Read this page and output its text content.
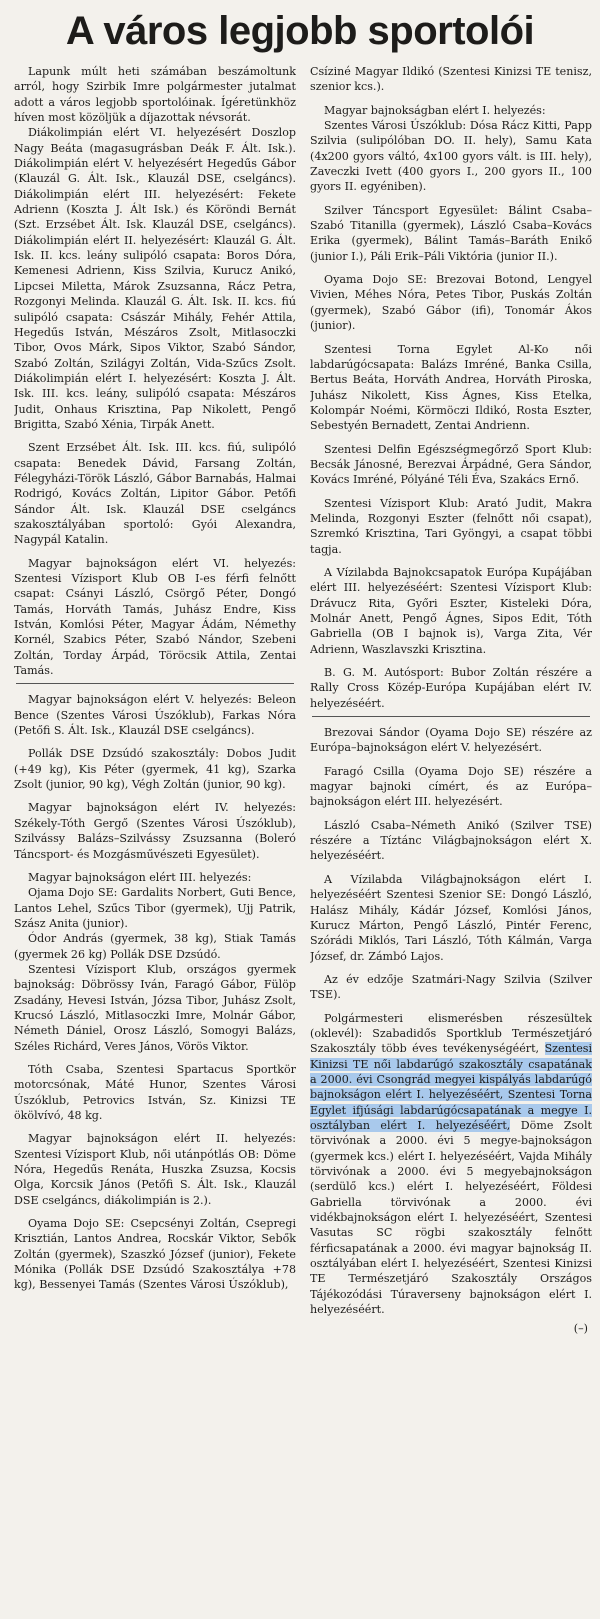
A város legjobb sportolói

Lapunk múlt heti számában beszámoltunk arról, hogy Szirbik Imre polgármester jutalmat adott a város legjobb sportolóinak. Ígéretünkhöz híven most közöljük a díjazottak névsorát.

Diákolimpián elért VI. helyezésért Doszlop Nagy Beáta (magasugrásban Deák F. Ált. Isk.). Diákolimpián elért V. helyezésért Hegedűs Gábor (Klauzál G. Ált. Isk., Klauzál DSE, cselgáncs). Diákolimpián elért III. helyezésért: Fekete Adrienn (Koszta J. Ált Isk.) és Köröndi Bernát (Szt. Erzsébet Ált. Isk. Klauzál DSE, cselgáncs). Diákolimpián elért II. helyezésért: Klauzál G. Ált. Isk. II. kcs. leány sulipóló csapata: Boros Dóra, Kemenesi Adrienn, Kiss Szilvia, Kurucz Anikó, Lipcsei Miletta, Márok Zsuzsanna, Rácz Petra, Rozgonyi Melinda. Klauzál G. Ált. Isk. II. kcs. fiú sulipóló csapata: Császár Mihály, Fehér Attila, Hegedűs István, Mészáros Zsolt, Mitlasoczki Tibor, Ovos Márk, Sipos Viktor, Szabó Sándor, Szabó Zoltán, Szilágyi Zoltán, Vida-Szűcs Zsolt. Diákolimpián elért I. helyezésért: Koszta J. Ált. Isk. III. kcs. leány, sulipóló csapata: Mészáros Judit, Onhaus Krisztina, Pap Nikolett, Pengő Brigitta, Szabó Xénia, Tirpák Anett.

Szent Erzsébet Ált. Isk. III. kcs. fiú, sulipóló csapata: Benedek Dávid, Farsang Zoltán, Félegyházi-Török László, Gábor Barnabás, Halmai Rodrigó, Kovács Zoltán, Lipitor Gábor. Petőfi Sándor Ált. Isk. Klauzál DSE cselgáncs szakosztályában sportoló: Gyói Alexandra, Nagypál Katalin.

Magyar bajnokságon elért VI. helyezés: Szentesi Vízisport Klub OB I-es férfi felnőtt csapat: Csányi László, Csörgő Péter, Dongó Tamás, Horváth Tamás, Juhász Endre, Kiss István, Komlósi Péter, Magyar Ádám, Némethy Kornél, Szabics Péter, Szabó Nándor, Szebeni Zoltán, Torday Árpád, Töröcsik Attila, Zentai Tamás.

Magyar bajnokságon elért V. helyezés: Beleon Bence (Szentes Városi Úszóklub), Farkas Nóra (Petőfi S. Ált. Isk., Klauzál DSE cselgáncs).

Pollák DSE Dzsúdó szakosztály: Dobos Judit (+49 kg), Kis Péter (gyermek, 41 kg), Szarka Zsolt (junior, 90 kg), Végh Zoltán (junior, 90 kg).

Magyar bajnokságon elért IV. helyezés: Székely-Tóth Gergő (Szentes Városi Úszóklub), Szilvássy Balázs–Szilvássy Zsuzsanna (Boleró Táncsport- és Mozgásművészeti Egyesület).

Magyar bajnokságon elért III. helyezés:

Ojama Dojo SE: Gardalits Norbert, Guti Bence, Lantos Lehel, Szűcs Tibor (gyermek), Ujj Patrik, Szász Anita (junior).

Ódor András (gyermek, 38 kg), Stiak Tamás (gyermek 26 kg) Pollák DSE Dzsúdó.

Szentesi Vízisport Klub, országos gyermek bajnokság: Döbrössy Iván, Faragó Gábor, Fülöp Zsadány, Hevesi István, Józsa Tibor, Juhász Zsolt, Krucsó László, Mitlasoczki Imre, Molnár Gábor, Németh Dániel, Orosz László, Somogyi Balázs, Széles Richárd, Veres János, Vörös Viktor.

Tóth Csaba, Szentesi Spartacus Sportkör motorcsónak, Máté Hunor, Szentes Városi Úszóklub, Petrovics István, Sz. Kinizsi TE ökölvívó, 48 kg.

Magyar bajnokságon elért II. helyezés: Szentesi Vízisport Klub, női utánpótlás OB: Döme Nóra, Hegedűs Renáta, Huszka Zsuzsa, Kocsis Olga, Korcsik János (Petőfi S. Ált. Isk., Klauzál DSE cselgáncs, diákolimpián is 2.).

Oyama Dojo SE: Csepcsényi Zoltán, Csepregi Krisztián, Lantos Andrea, Rocskár Viktor, Sebők Zoltán (gyermek), Szaszkó József (junior), Fekete Mónika (Pollák DSE Dzsúdó Szakosztálya +78 kg), Bessenyei Tamás (Szentes Városi Úszóklub),

Csíziné Magyar Ildikó (Szentesi Kinizsi TE tenisz, szenior kcs.).

Magyar bajnokságban elért I. helyezés:

Szentes Városi Úszóklub: Dósa Rácz Kitti, Papp Szilvia (sulipólóban DO. II. hely), Samu Kata (4x200 gyors váltó, 4x100 gyors vált. is III. hely), Zaveczki Ivett (400 gyors I., 200 gyors II., 100 gyors II. egyéniben).

Szilver Táncsport Egyesület: Bálint Csaba–Szabó Titanilla (gyermek), László Csaba–Kovács Erika (gyermek), Bálint Tamás–Baráth Enikő (junior I.), Páli Erik–Páli Viktória (junior II.).

Oyama Dojo SE: Brezovai Botond, Lengyel Vivien, Méhes Nóra, Petes Tibor, Puskás Zoltán (gyermek), Szabó Gábor (ifi), Tonomár Ákos (junior).

Szentesi Torna Egylet Al-Ko női labdarúgócsapata: Balázs Imréné, Banka Csilla, Bertus Beáta, Horváth Andrea, Horváth Piroska, Juhász Nikolett, Kiss Ágnes, Kiss Etelka, Kolompár Noémi, Körmöczi Ildikó, Rosta Eszter, Sebestyén Bernadett, Zentai Andrienn.

Szentesi Delfin Egészségmegőrző Sport Klub: Becsák Jánosné, Berezvai Árpádné, Gera Sándor, Kovács Imréné, Pólyáné Téli Éva, Szakács Ernő.

Szentesi Vízisport Klub: Arató Judit, Makra Melinda, Rozgonyi Eszter (felnőtt női csapat), Szremkó Krisztina, Tari Gyöngyi, a csapat többi tagja.

A Vízilabda Bajnokcsapatok Európa Kupájában elért III. helyezéséért: Szentesi Vízisport Klub: Drávucz Rita, Győri Eszter, Kisteleki Dóra, Molnár Anett, Pengő Ágnes, Sipos Edit, Tóth Gabriella (OB I bajnok is), Varga Zita, Vér Adrienn, Waszlavszki Krisztina.

B. G. M. Autósport: Bubor Zoltán részére a Rally Cross Közép-Európa Kupájában elért IV. helyezéséért.

Brezovai Sándor (Oyama Dojo SE) részére az Európa–bajnokságon elért V. helyezésért.

Faragó Csilla (Oyama Dojo SE) részére a magyar bajnoki címért, és az Európa–bajnokságon elért III. helyezésért.

László Csaba–Németh Anikó (Szilver TSE) részére a Tíztánc Világbajnokságon elért X. helyezéséért.

A Vízilabda Világbajnokságon elért I. helyezéséért Szentesi Szenior SE: Dongó László, Halász Mihály, Kádár József, Komlósi János, Kurucz Márton, Pengő László, Pintér Ferenc, Szórádi Miklós, Tari László, Tóth Kálmán, Varga József, dr. Zámbó Lajos.

Az év edzője Szatmári-Nagy Szilvia (Szilver TSE).

Polgármesteri elismerésben részesültek (oklevél): Szabadidős Sportklub Természetjáró Szakosztály több éves tevékenységéért, Szentesi Kinizsi TE női labdarúgó szakosztály csapatának a 2000. évi Csongrád megyei kispályás labdarúgó bajnokságon elért I. helyezéséért, Szentesi Torna Egylet ifjúsági labdarúgócsapatának a megye I. osztályban elért I. helyezéséért, Döme Zsolt törvivónak a 2000. évi 5 megye-bajnokságon (gyermek kcs.) elért I. helyezéséért, Vajda Mihály törvivónak a 2000. évi 5 megyebajnokságon (serdülő kcs.) elért I. helyezéséért, Földesi Gabriella törvivónak a 2000. évi vidékbajnokságon elért I. helyezéséért, Szentesi Vasutas SC rögbi szakosztály felnőtt férficsapatának a 2000. évi magyar bajnokság II. osztályában elért I. helyezéséért, Szentesi Kinizsi TE Természetjáró Szakosztály Országos Tájékozódási Túraverseny bajnokságon elért I. helyezéséért.

(–)
